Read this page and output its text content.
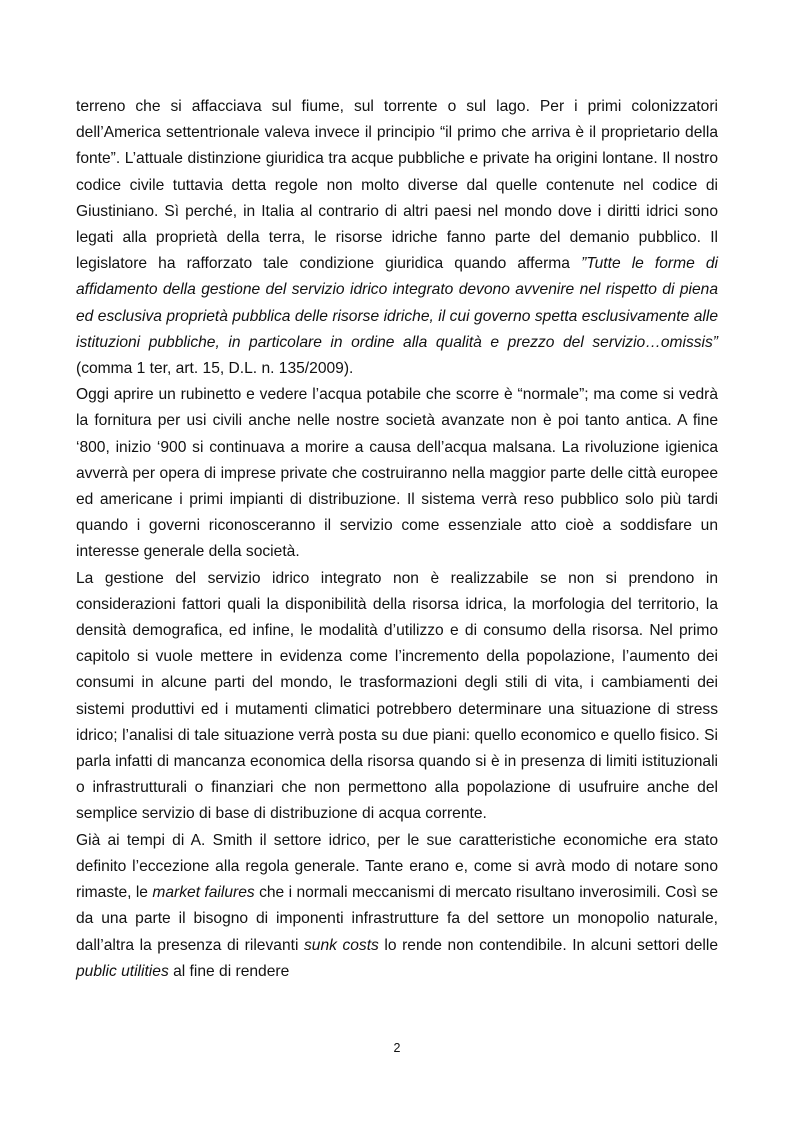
terreno che si affacciava sul fiume, sul torrente o sul lago. Per i primi colonizzatori dell’America settentrionale valeva invece il principio “il primo che arriva è il proprietario della fonte”. L’attuale distinzione giuridica tra acque pubbliche e private ha origini lontane. Il nostro codice civile tuttavia detta regole non molto diverse dal quelle contenute nel codice di Giustiniano. Sì perché, in Italia al contrario di altri paesi nel mondo dove i diritti idrici sono legati alla proprietà della terra, le risorse idriche fanno parte del demanio pubblico. Il legislatore ha rafforzato tale condizione giuridica quando afferma ”Tutte le forme di affidamento della gestione del servizio idrico integrato devono avvenire nel rispetto di piena ed esclusiva proprietà pubblica delle risorse idriche, il cui governo spetta esclusivamente alle istituzioni pubbliche, in particolare in ordine alla qualità e prezzo del servizio…omissis” (comma 1 ter, art. 15, D.L. n. 135/2009).

Oggi aprire un rubinetto e vedere l’acqua potabile che scorre è “normale”; ma come si vedrà la fornitura per usi civili anche nelle nostre società avanzate non è poi tanto antica. A fine ‘800, inizio ‘900 si continuava a morire a causa dell’acqua malsana. La rivoluzione igienica avverrà per opera di imprese private che costruiranno nella maggior parte delle città europee ed americane i primi impianti di distribuzione. Il sistema verrà reso pubblico solo più tardi quando i governi riconosceranno il servizio come essenziale atto cioè a soddisfare un interesse generale della società.

La gestione del servizio idrico integrato non è realizzabile se non si prendono in considerazioni fattori quali la disponibilità della risorsa idrica, la morfologia del territorio, la densità demografica, ed infine, le modalità d’utilizzo e di consumo della risorsa. Nel primo capitolo si vuole mettere in evidenza come l’incremento della popolazione, l’aumento dei consumi in alcune parti del mondo, le trasformazioni degli stili di vita, i cambiamenti dei sistemi produttivi ed i mutamenti climatici potrebbero determinare una situazione di stress idrico; l’analisi di tale situazione verrà posta su due piani: quello economico e quello fisico. Si parla infatti di mancanza economica della risorsa quando si è in presenza di limiti istituzionali o infrastrutturali o finanziari che non permettono alla popolazione di usufruire anche del semplice servizio di base di distribuzione di acqua corrente.

Già ai tempi di A. Smith il settore idrico, per le sue caratteristiche economiche era stato definito l’eccezione alla regola generale. Tante erano e, come si avrà modo di notare sono rimaste, le market failures che i normali meccanismi di mercato risultano inverosimili. Così se da una parte il bisogno di imponenti infrastrutture fa del settore un monopolio naturale, dall’altra la presenza di rilevanti sunk costs lo rende non contendibile. In alcuni settori delle public utilities al fine di rendere

2
